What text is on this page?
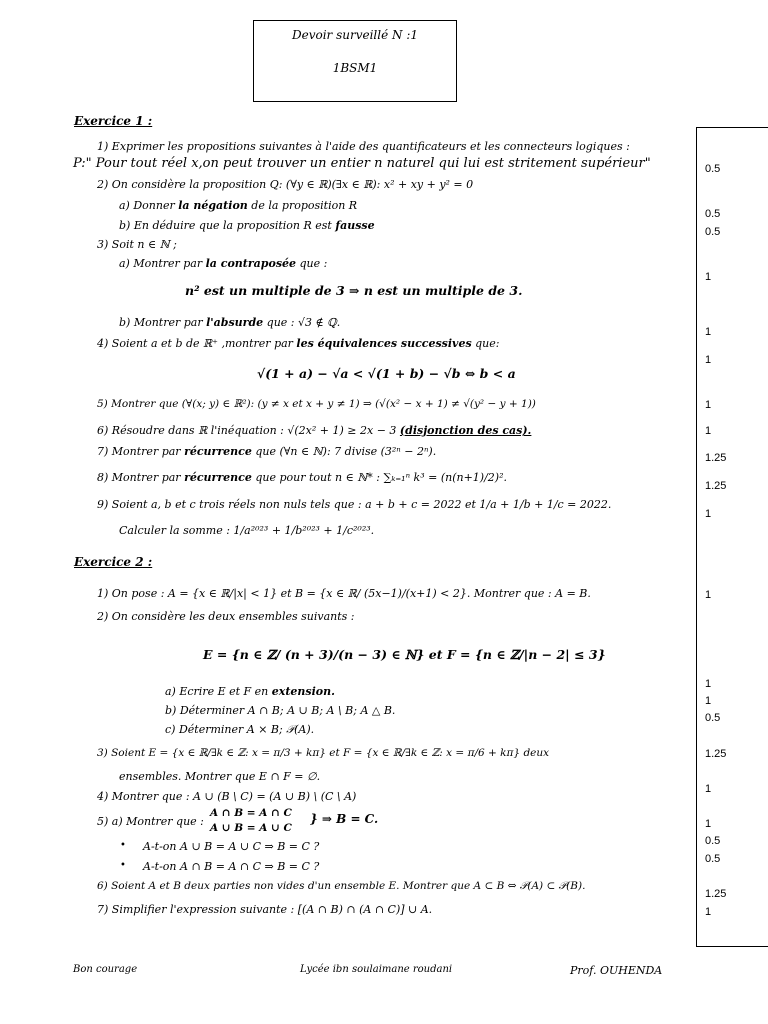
Devoir surveillé N :1
1BSM1
Exercice 1 :
1) Exprimer les propositions suivantes à l'aide des quantificateurs et les connecteurs logiques :
P:" Pour tout réel x,on peut trouver un entier n naturel qui lui est stritement supérieur"
2) On considère la proposition Q: (∀y ∈ ℝ)(∃x ∈ ℝ): x² + xy + y² = 0
a) Donner la négation de la proposition R
b) En déduire que la proposition R est fausse
3) Soit n ∈ ℕ ;
a) Montrer par la contraposée que :
n² est un multiple de 3 ⇒ n est un multiple de 3.
b) Montrer par l'absurde que : √3 ∉ ℚ.
4) Soient a et b de ℝ⁺ ,montrer par les équivalences successives que:
√(1 + a) − √a < √(1 + b) − √b ⇔ b < a
5) Montrer que (∀(x; y) ∈ ℝ²): (y ≠ x et x + y ≠ 1) ⇒ (√(x² − x + 1) ≠ √(y² − y + 1))
6) Résoudre dans ℝ l'inéquation : √(2x² + 1) ≥ 2x − 3 (disjonction des cas).
7) Montrer par récurrence que (∀n ∈ ℕ): 7 divise (3²ⁿ − 2ⁿ).
8) Montrer par récurrence que pour tout n ∈ ℕ* : ∑ₖ₌₁ⁿ k³ = (n(n+1)/2)².
9) Soient a, b et c trois réels non nuls tels que : a + b + c = 2022 et 1/a + 1/b + 1/c = 2022.
Calculer la somme : 1/a²⁰²³ + 1/b²⁰²³ + 1/c²⁰²³.
Exercice 2 :
1) On pose : A = {x ∈ ℝ/|x| < 1} et B = {x ∈ ℝ/ (5x−1)/(x+1) < 2}. Montrer que : A = B.
2) On considère les deux ensembles suivants :
E = {n ∈ ℤ/ (n + 3)/(n − 3) ∈ ℕ} et F = {n ∈ ℤ/|n − 2| ≤ 3}
a) Ecrire E et F en extension.
b) Déterminer A ∩ B; A ∪ B; A \ B; A △ B.
c) Déterminer A × B; 𝒫(A).
3) Soient E = {x ∈ ℝ/∃k ∈ ℤ: x = π/3 + kπ} et F = {x ∈ ℝ/∃k ∈ ℤ: x = π/6 + kπ} deux
ensembles. Montrer que E ∩ F = ∅.
4) Montrer que : A ∪ (B \ C) = (A ∪ B) \ (C \ A)
5) a) Montrer que :
A ∩ B = A ∩ C
A ∪ B = A ∪ C
} ⇒ B = C.
• A-t-on A ∪ B = A ∪ C ⇒ B = C ?
• A-t-on A ∩ B = A ∩ C ⇒ B = C ?
6) Soient A et B deux parties non vides d'un ensemble E. Montrer que A ⊂ B ⇔ 𝒫(A) ⊂ 𝒫(B).
7) Simplifier l'expression suivante : [(A ∩ B) ∩ (A ∩ C)] ∪ A.
0.5
0.5
0.5
1
1
1
1
1
1.25
1.25
1
1
1
1
0.5
1.25
1
1
0.5
0.5
1.25
1
Bon courage	Lycée ibn soulaimane roudani	Prof. OUHENDA
